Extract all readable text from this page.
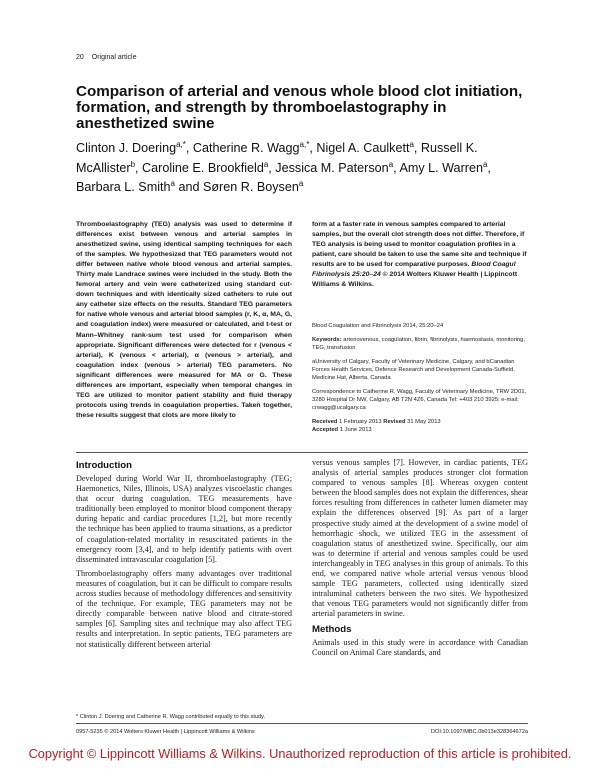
20 Original article
Comparison of arterial and venous whole blood clot initiation, formation, and strength by thromboelastography in anesthetized swine
Clinton J. Doering$^{a,*}$, Catherine R. Wagg$^{a,*}$, Nigel A. Caulkett$^a$, Russell K. McAllister$^b$, Caroline E. Brookfield$^a$, Jessica M. Paterson$^a$, Amy L. Warren$^a$, Barbara L. Smith$^a$ and Søren R. Boysen$^a$

Thromboelastography (TEG) analysis was used to determine if differences exist between venous and arterial samples in anesthetized swine, using identical sampling techniques for each of the samples. We hypothesized that TEG parameters would not differ between native whole blood venous and arterial samples. Thirty male Landrace swines were included in the study. Both the femoral artery and vein were catheterized using standard cut-down techniques and with identically sized catheters to rule out any catheter size effects on the results. Standard TEG parameters for native whole venous and arterial blood samples (r, K, α, MA, G, and coagulation index) were measured or calculated, and t-test or Mann–Whitney rank-sum test used for comparison when appropriate. Significant differences were detected for r (venous < arterial), K (venous < arterial), α (venous > arterial), and coagulation index (venous > arterial) TEG parameters. No significant differences were measured for MA or G. These differences are important, especially when temporal changes in TEG are utilized to monitor patient stability and fluid therapy protocols using trends in coagulation properties. Taken together, these results suggest that clots are more likely to

form at a faster rate in venous samples compared to arterial samples, but the overall clot strength does not differ. Therefore, if TEG analysis is being used to monitor coagulation profiles in a patient, care should be taken to use the same site and technique if results are to be used for comparative purposes. Blood Coagul Fibrinolysis 25:20–24 © 2014 Wolters Kluwer Health | Lippincott Williams & Wilkins.

Blood Coagulation and Fibrinolysis 2014, 25:20–24

Keywords: arteriovenous, coagulation, fibrin, fibrinolysis, haemostasis, monitoring, TEG, transfusion

aUniversity of Calgary, Faculty of Veterinary Medicine, Calgary, and bCanadian Forces Health Services, Defence Research and Development Canada-Suffield, Medicine Hat, Alberta, Canada

Correspondence to Catherine R. Wagg, Faculty of Veterinary Medicine, TRW 2D01, 3280 Hospital Dr NW, Calgary, AB T2N 4Z6, Canada Tel: +403 210 3925; e-mail: crwagg@ucalgary.ca

Received 1 February 2013 Revised 31 May 2013
Accepted 1 June 2013

Introduction

Developed during World War II, thromboelastography (TEG; Haemonetics, Niles, Illinois, USA) analyzes viscoelastic changes that occur during coagulation. TEG measurements have traditionally been employed to monitor blood component therapy during hepatic and cardiac procedures [1,2], but more recently the technique has been applied to trauma situations, as a predictor of coagulation-related mortality in resuscitated patients in the emergency room [3,4], and to help identify patients with overt disseminated intravascular coagulation [5].

Thromboelastography offers many advantages over traditional measures of coagulation, but it can be difficult to compare results across studies because of methodology differences and sensitivity of the technique. For example, TEG parameters may not be directly comparable between native blood and citrate-stored samples [6]. Sampling sites and technique may also affect TEG results and interpretation. In septic patients, TEG parameters are not statistically different between arterial

versus venous samples [7]. However, in cardiac patients, TEG analysis of arterial samples produces stronger clot formation compared to venous samples [8]. Whereas oxygen content between the blood samples does not explain the differences, shear forces resulting from differences in catheter lumen diameter may explain the differences observed [9]. As part of a larger prospective study aimed at the development of a swine model of hemorrhagic shock, we utilized TEG in the assessment of coagulation status of anesthetized swine. Specifically, our aim was to determine if arterial and venous samples could be used interchangeably in TEG analyses in this group of animals. To this end, we compared native whole arterial versus venous blood sample TEG parameters, collected using identically sized intraluminal catheters between the two sites. We hypothesized that venous TEG parameters would not significantly differ from arterial parameters in swine.

Methods

Animals used in this study were in accordance with Canadian Council on Animal Care standards, and

* Clinton J. Doering and Catherine R. Wagg contributed equally to this study.
0957-5235 © 2014 Wolters Kluwer Health | Lippincott Williams & Wilkins	DOI:10.1097/MBC.0b013e328364672a
Copyright © Lippincott Williams & Wilkins. Unauthorized reproduction of this article is prohibited.
